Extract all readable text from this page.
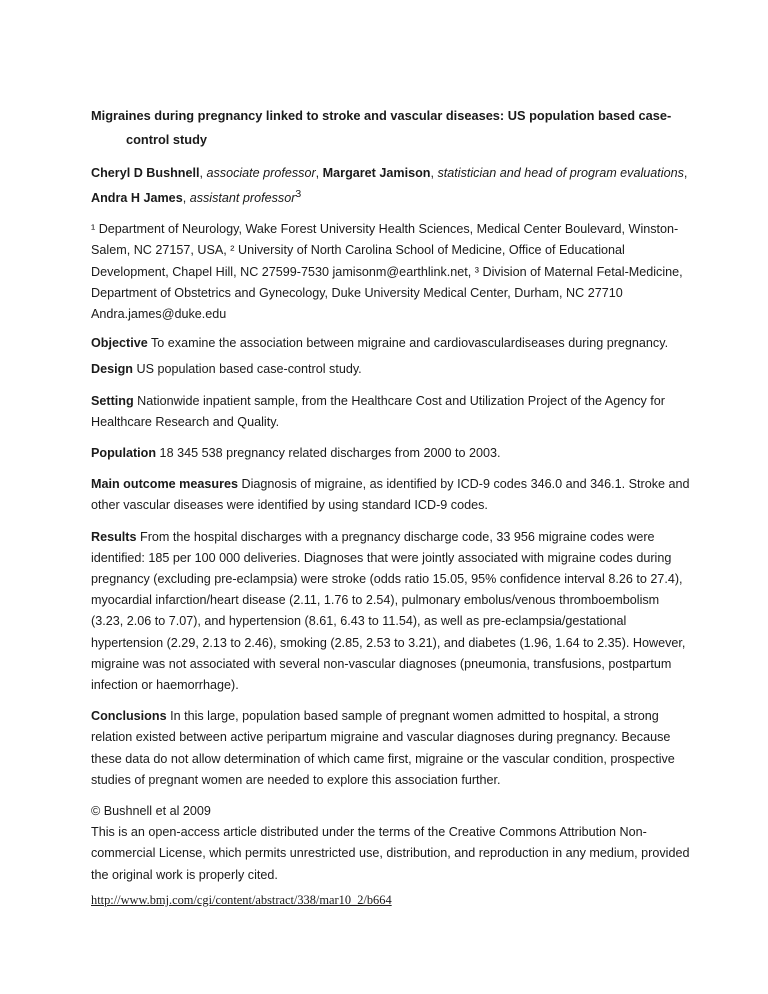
Migraines during pregnancy linked to stroke and vascular diseases: US population based case-control study
Cheryl D Bushnell, associate professor, Margaret Jamison, statistician and head of program evaluations, Andra H James, assistant professor$^3$
¹ Department of Neurology, Wake Forest University Health Sciences, Medical Center Boulevard, Winston-Salem, NC 27157, USA, ² University of North Carolina School of Medicine, Office of Educational Development, Chapel Hill, NC 27599-7530 jamisonm@earthlink.net, ³ Division of Maternal Fetal-Medicine, Department of Obstetrics and Gynecology, Duke University Medical Center, Durham, NC 27710 Andra.james@duke.edu
Objective To examine the association between migraine and cardiovasculardiseases during pregnancy.
Design US population based case-control study.
Setting Nationwide inpatient sample, from the Healthcare Cost and Utilization Project of the Agency for Healthcare Research and Quality.
Population 18 345 538 pregnancy related discharges from 2000 to 2003.
Main outcome measures Diagnosis of migraine, as identified by ICD-9 codes 346.0 and 346.1. Stroke and other vascular diseases were identified by using standard ICD-9 codes.
Results From the hospital discharges with a pregnancy discharge code, 33 956 migraine codes were identified: 185 per 100 000 deliveries. Diagnoses that were jointly associated with migraine codes during pregnancy (excluding pre-eclampsia) were stroke (odds ratio 15.05, 95% confidence interval 8.26 to 27.4), myocardial infarction/heart disease (2.11, 1.76 to 2.54), pulmonary embolus/venous thromboembolism (3.23, 2.06 to 7.07), and hypertension (8.61, 6.43 to 11.54), as well as pre-eclampsia/gestational hypertension (2.29, 2.13 to 2.46), smoking (2.85, 2.53 to 3.21), and diabetes (1.96, 1.64 to 2.35). However, migraine was not associated with several non-vascular diagnoses (pneumonia, transfusions, postpartum infection or haemorrhage).
Conclusions In this large, population based sample of pregnant women admitted to hospital, a strong relation existed between active peripartum migraine and vascular diagnoses during pregnancy. Because these data do not allow determination of which came first, migraine or the vascular condition, prospective studies of pregnant women are needed to explore this association further.
© Bushnell et al 2009
This is an open-access article distributed under the terms of the Creative Commons Attribution Non-commercial License, which permits unrestricted use, distribution, and reproduction in any medium, provided the original work is properly cited.
http://www.bmj.com/cgi/content/abstract/338/mar10_2/b664
